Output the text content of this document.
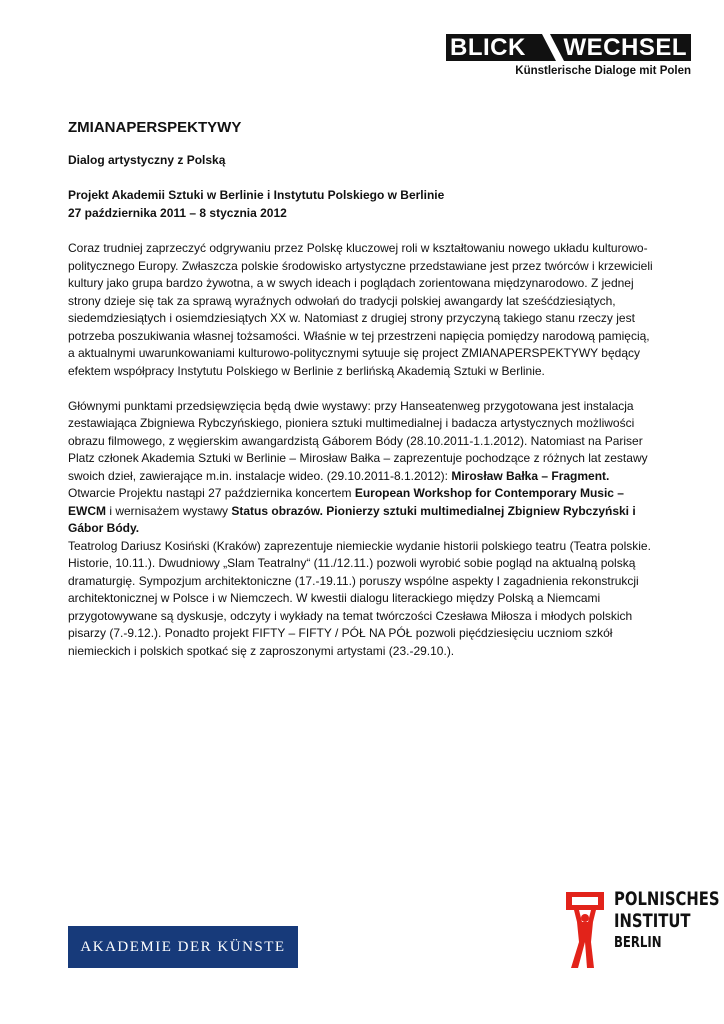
BLICK WECHSEL
Künstlerische Dialoge mit Polen
ZMIANAPERSPEKTYWY
Dialog artystyczny z Polską
Projekt Akademii Sztuki w Berlinie i Instytutu Polskiego w Berlinie
27 października 2011 – 8 stycznia 2012

Coraz trudniej zaprzeczyć odgrywaniu przez Polskę kluczowej roli w kształtowaniu nowego układu kulturowo-politycznego Europy. Zwłaszcza polskie środowisko artystyczne przedstawiane jest przez twórców i krzewicieli kultury jako grupa bardzo żywotna, a w swych ideach i poglądach zorientowana międzynarodowo. Z jednej strony dzieje się tak za sprawą wyraźnych odwołań do tradycji polskiej awangardy lat sześćdziesiątych, siedemdziesiątych i osiemdziesiątych XX w. Natomiast z drugiej strony przyczyną takiego stanu rzeczy jest potrzeba poszukiwania własnej tożsamości. Właśnie w tej przestrzeni napięcia pomiędzy narodową pamięcią, a aktualnymi uwarunkowaniami kulturowo-politycznymi sytuuje się project ZMIANAPERSPEKTYWY będący efektem współpracy Instytutu Polskiego w Berlinie z berlińską Akademią Sztuki w Berlinie.

Głównymi punktami przedsięwzięcia będą dwie wystawy: przy Hanseatenweg przygotowana jest instalacja zestawiająca Zbigniewa Rybczyńskiego, pioniera sztuki multimedialnej i badacza artystycznych możliwości obrazu filmowego, z węgierskim awangardzistą Gáborem Bódy (28.10.2011-1.1.2012). Natomiast na Pariser Platz członek Akademia Sztuki w Berlinie – Mirosław Bałka – zaprezentuje pochodzące z różnych lat zestawy swoich dzieł, zawierające m.in. instalacje wideo. (29.10.2011-8.1.2012): Mirosław Bałka – Fragment.

Otwarcie Projektu nastąpi 27 października koncertem European Workshop for Contemporary Music – EWCM i wernisażem wystawy Status obrazów. Pionierzy sztuki multimedialnej Zbigniew Rybczyński i Gábor Bódy.

Teatrolog Dariusz Kosiński (Kraków) zaprezentuje niemieckie wydanie historii polskiego teatru (Teatra polskie. Historie, 10.11.). Dwudniowy „Slam Teatralny“ (11./12.11.) pozwoli wyrobić sobie pogląd na aktualną polską dramaturgię. Sympozjum architektoniczne (17.-19.11.) poruszy wspólne aspekty I zagadnienia rekonstrukcji architektonicznej w Polsce i w Niemczech. W kwestii dialogu literackiego między Polską a Niemcami przygotowywane są dyskusje, odczyty i wykłady na temat twórczości Czesława Miłosza i młodych polskich pisarzy (7.-9.12.). Ponadto projekt FIFTY – FIFTY / PÓŁ NA PÓŁ pozwoli pięćdziesięciu uczniom szkół niemieckich i polskich spotkać się z zaproszonymi artystami (23.-29.10.).

AKADEMIE DER KÜNSTE
POLNISCHES
INSTITUT
BERLIN
